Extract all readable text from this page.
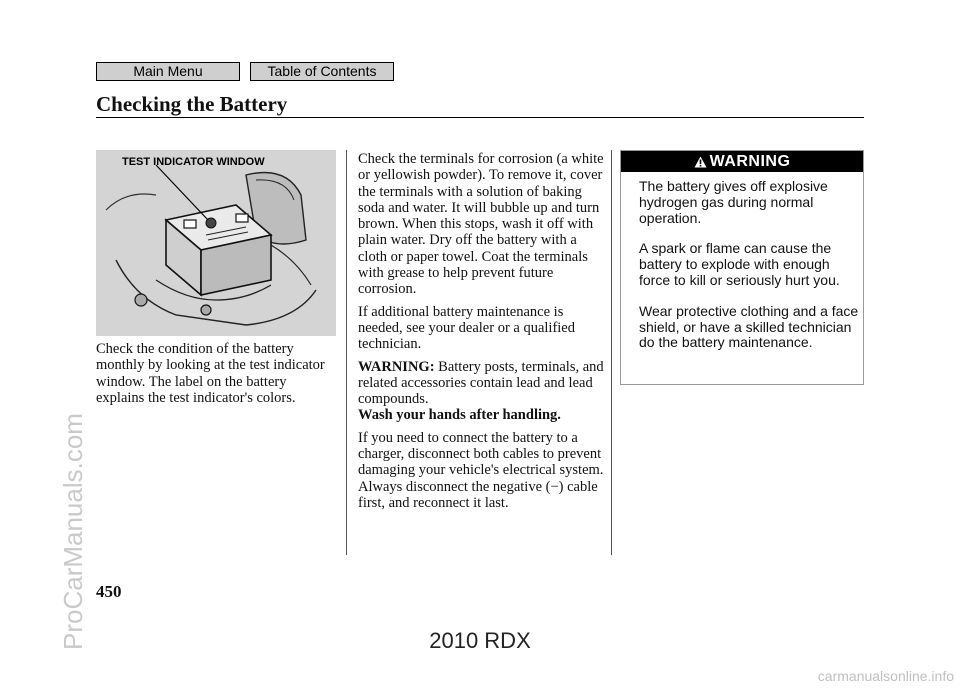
Main Menu	Table of Contents
Checking the Battery
TEST INDICATOR WINDOW

Check the condition of the battery monthly by looking at the test indicator window. The label on the battery explains the test indicator's colors.

Check the terminals for corrosion (a white or yellowish powder). To remove it, cover the terminals with a solution of baking soda and water. It will bubble up and turn brown. When this stops, wash it off with plain water. Dry off the battery with a cloth or paper towel. Coat the terminals with grease to help prevent future corrosion.

If additional battery maintenance is needed, see your dealer or a qualified technician.

WARNING: Battery posts, terminals, and related accessories contain lead and lead compounds.

Wash your hands after handling.

If you need to connect the battery to a charger, disconnect both cables to prevent damaging your vehicle's electrical system. Always disconnect the negative (−) cable first, and reconnect it last.

WARNING

The battery gives off explosive hydrogen gas during normal operation.

A spark or flame can cause the battery to explode with enough force to kill or seriously hurt you.

Wear protective clothing and a face shield, or have a skilled technician do the battery maintenance.

450
2010 RDX
ProCarManuals.com
carmanualsonline.info
